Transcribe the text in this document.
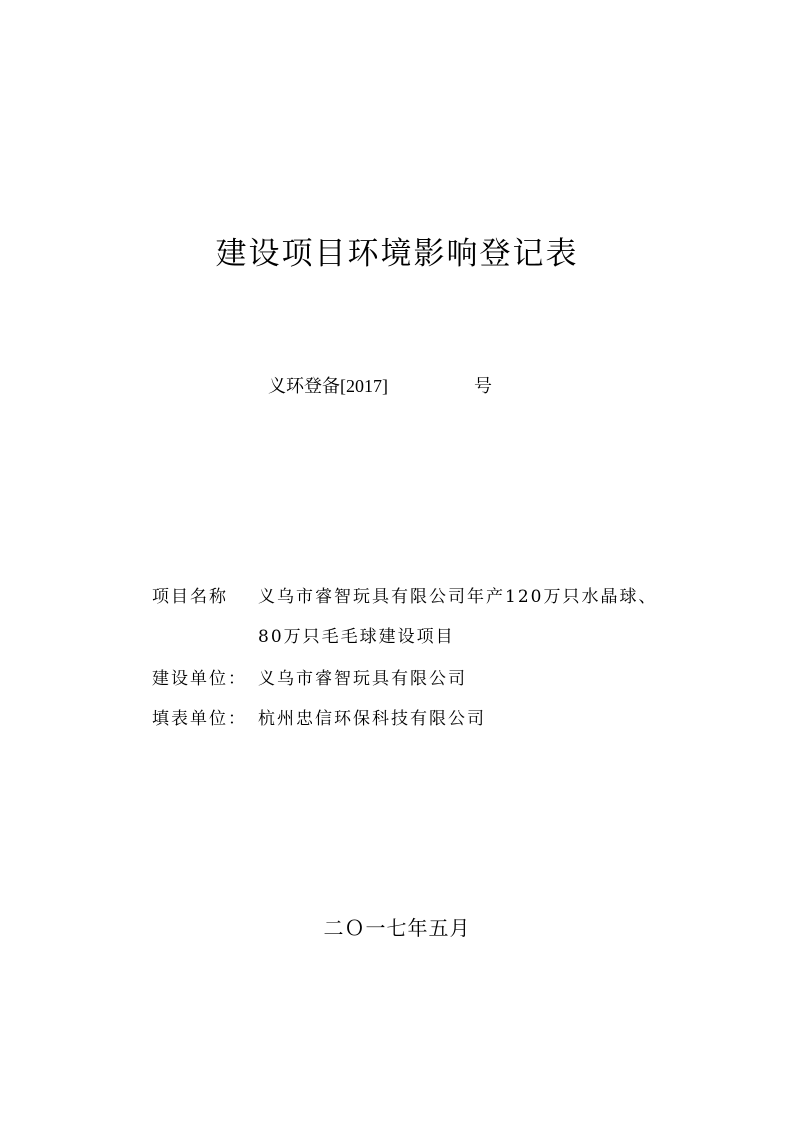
建设项目环境影响登记表
义环登备[2017]	号
项目名称 义乌市睿智玩具有限公司年产120万只水晶球、
80万只毛毛球建设项目
建设单位： 义乌市睿智玩具有限公司
填表单位： 杭州忠信环保科技有限公司
二Ｏ一七年五月
